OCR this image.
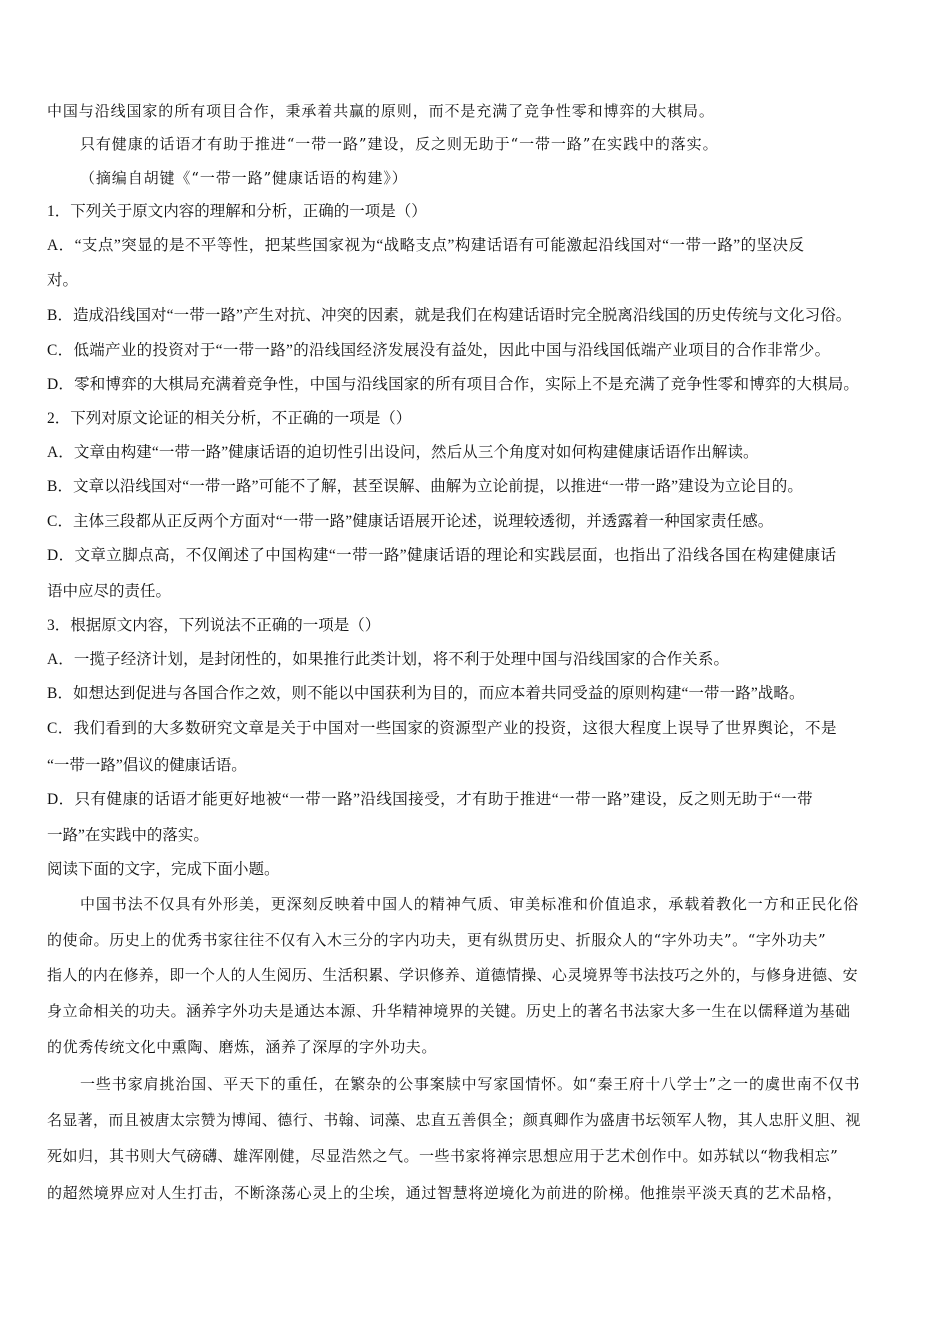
中国与沿线国家的所有项目合作，秉承着共赢的原则，而不是充满了竞争性零和博弈的大棋局。
只有健康的话语才有助于推进“一带一路”建设，反之则无助于“一带一路”在实践中的落实。
（摘编自胡键《“一带一路”健康话语的构建》）
1．下列关于原文内容的理解和分析，正确的一项是（）
A．“支点”突显的是不平等性，把某些国家视为“战略支点”构建话语有可能激起沿线国对“一带一路”的坚决反
对。
B．造成沿线国对“一带一路”产生对抗、冲突的因素，就是我们在构建话语时完全脱离沿线国的历史传统与文化习俗。
C．低端产业的投资对于“一带一路”的沿线国经济发展没有益处，因此中国与沿线国低端产业项目的合作非常少。
D．零和博弈的大棋局充满着竞争性，中国与沿线国家的所有项目合作，实际上不是充满了竞争性零和博弈的大棋局。
2．下列对原文论证的相关分析，不正确的一项是（）
A．文章由构建“一带一路”健康话语的迫切性引出设问，然后从三个角度对如何构建健康话语作出解读。
B．文章以沿线国对“一带一路”可能不了解，甚至误解、曲解为立论前提，以推进“一带一路”建设为立论目的。
C．主体三段都从正反两个方面对“一带一路”健康话语展开论述，说理较透彻，并透露着一种国家责任感。
D．文章立脚点高，不仅阐述了中国构建“一带一路”健康话语的理论和实践层面，也指出了沿线各国在构建健康话
语中应尽的责任。
3．根据原文内容，下列说法不正确的一项是（）
A．一揽子经济计划，是封闭性的，如果推行此类计划，将不利于处理中国与沿线国家的合作关系。
B．如想达到促进与各国合作之效，则不能以中国获利为目的，而应本着共同受益的原则构建“一带一路”战略。
C．我们看到的大多数研究文章是关于中国对一些国家的资源型产业的投资，这很大程度上误导了世界舆论，不是
“一带一路”倡议的健康话语。
D．只有健康的话语才能更好地被“一带一路”沿线国接受，才有助于推进“一带一路”建设，反之则无助于“一带
一路”在实践中的落实。
阅读下面的文字，完成下面小题。
中国书法不仅具有外形美，更深刻反映着中国人的精神气质、审美标准和价值追求，承载着教化一方和正民化俗
的使命。历史上的优秀书家往往不仅有入木三分的字内功夫，更有纵贯历史、折服众人的“字外功夫”。“字外功夫”
指人的内在修养，即一个人的人生阅历、生活积累、学识修养、道德情操、心灵境界等书法技巧之外的，与修身进德、安
身立命相关的功夫。涵养字外功夫是通达本源、升华精神境界的关键。历史上的著名书法家大多一生在以儒释道为基础
的优秀传统文化中熏陶、磨炼，涵养了深厚的字外功夫。
一些书家肩挑治国、平天下的重任，在繁杂的公事案牍中写家国情怀。如“秦王府十八学士”之一的虞世南不仅书
名显著，而且被唐太宗赞为博闻、德行、书翰、词藻、忠直五善俱全；颜真卿作为盛唐书坛领军人物，其人忠肝义胆、视
死如归，其书则大气磅礴、雄浑刚健，尽显浩然之气。一些书家将禅宗思想应用于艺术创作中。如苏轼以“物我相忘”
的超然境界应对人生打击，不断涤荡心灵上的尘埃，通过智慧将逆境化为前进的阶梯。他推崇平淡天真的艺术品格，
